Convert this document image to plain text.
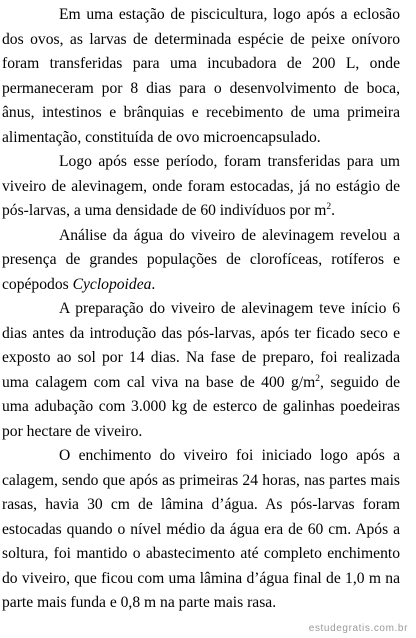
Em uma estação de piscicultura, logo após a eclosão dos ovos, as larvas de determinada espécie de peixe onívoro foram transferidas para uma incubadora de 200 L, onde permaneceram por 8 dias para o desenvolvimento de boca, ânus, intestinos e brânquias e recebimento de uma primeira alimentação, constituída de ovo microencapsulado.

Logo após esse período, foram transferidas para um viveiro de alevinagem, onde foram estocadas, já no estágio de pós-larvas, a uma densidade de 60 indivíduos por $m^2$.

Análise da água do viveiro de alevinagem revelou a presença de grandes populações de clorofíceas, rotíferos e copépodos Cyclopoidea.

A preparação do viveiro de alevinagem teve início 6 dias antes da introdução das pós-larvas, após ter ficado seco e exposto ao sol por 14 dias. Na fase de preparo, foi realizada uma calagem com cal viva na base de 400 $g/m^2$, seguido de uma adubação com 3.000 kg de esterco de galinhas poedeiras por hectare de viveiro.

O enchimento do viveiro foi iniciado logo após a calagem, sendo que após as primeiras 24 horas, nas partes mais rasas, havia 30 cm de lâmina d’água. As pós-larvas foram estocadas quando o nível médio da água era de 60 cm. Após a soltura, foi mantido o abastecimento até completo enchimento do viveiro, que ficou com uma lâmina d’água final de 1,0 m na parte mais funda e 0,8 m na parte mais rasa.

estudegratis.com.br
